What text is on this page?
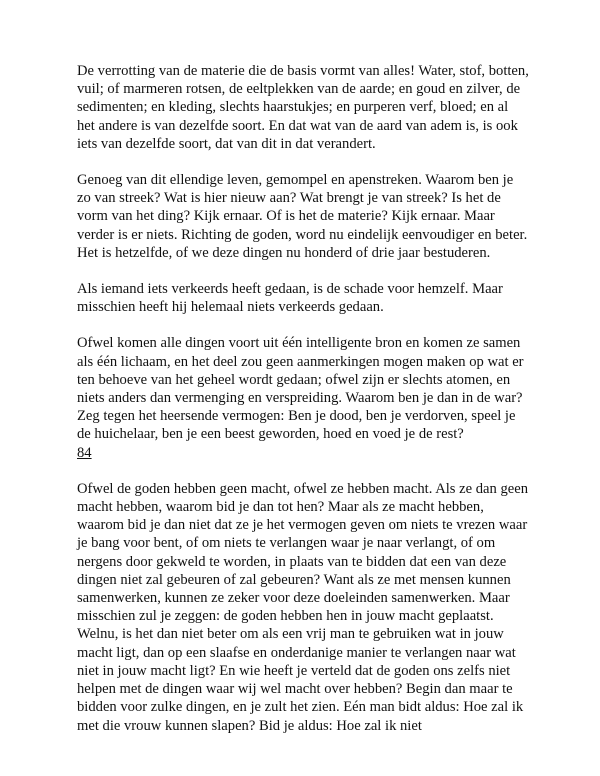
De verrotting van de materie die de basis vormt van alles! Water, stof, botten, vuil; of marmeren rotsen, de eeltplekken van de aarde; en goud en zilver, de sedimenten; en kleding, slechts haarstukjes; en purperen verf, bloed; en al het andere is van dezelfde soort. En dat wat van de aard van adem is, is ook iets van dezelfde soort, dat van dit in dat verandert.

Genoeg van dit ellendige leven, gemompel en apenstreken. Waarom ben je zo van streek? Wat is hier nieuw aan? Wat brengt je van streek? Is het de vorm van het ding? Kijk ernaar. Of is het de materie? Kijk ernaar. Maar verder is er niets. Richting de goden, word nu eindelijk eenvoudiger en beter. Het is hetzelfde, of we deze dingen nu honderd of drie jaar bestuderen.

Als iemand iets verkeerds heeft gedaan, is de schade voor hemzelf. Maar misschien heeft hij helemaal niets verkeerds gedaan.

Ofwel komen alle dingen voort uit één intelligente bron en komen ze samen als één lichaam, en het deel zou geen aanmerkingen mogen maken op wat er ten behoeve van het geheel wordt gedaan; ofwel zijn er slechts atomen, en niets anders dan vermenging en verspreiding. Waarom ben je dan in de war? Zeg tegen het heersende vermogen: Ben je dood, ben je verdorven, speel je de huichelaar, ben je een beest geworden, hoed en voed je de rest?
84

Ofwel de goden hebben geen macht, ofwel ze hebben macht. Als ze dan geen macht hebben, waarom bid je dan tot hen? Maar als ze macht hebben, waarom bid je dan niet dat ze je het vermogen geven om niets te vrezen waar je bang voor bent, of om niets te verlangen waar je naar verlangt, of om nergens door gekweld te worden, in plaats van te bidden dat een van deze dingen niet zal gebeuren of zal gebeuren? Want als ze met mensen kunnen samenwerken, kunnen ze zeker voor deze doeleinden samenwerken. Maar misschien zul je zeggen: de goden hebben hen in jouw macht geplaatst. Welnu, is het dan niet beter om als een vrij man te gebruiken wat in jouw macht ligt, dan op een slaafse en onderdanige manier te verlangen naar wat niet in jouw macht ligt? En wie heeft je verteld dat de goden ons zelfs niet helpen met de dingen waar wij wel macht over hebben? Begin dan maar te bidden voor zulke dingen, en je zult het zien. Eén man bidt aldus: Hoe zal ik met die vrouw kunnen slapen? Bid je aldus: Hoe zal ik niet
